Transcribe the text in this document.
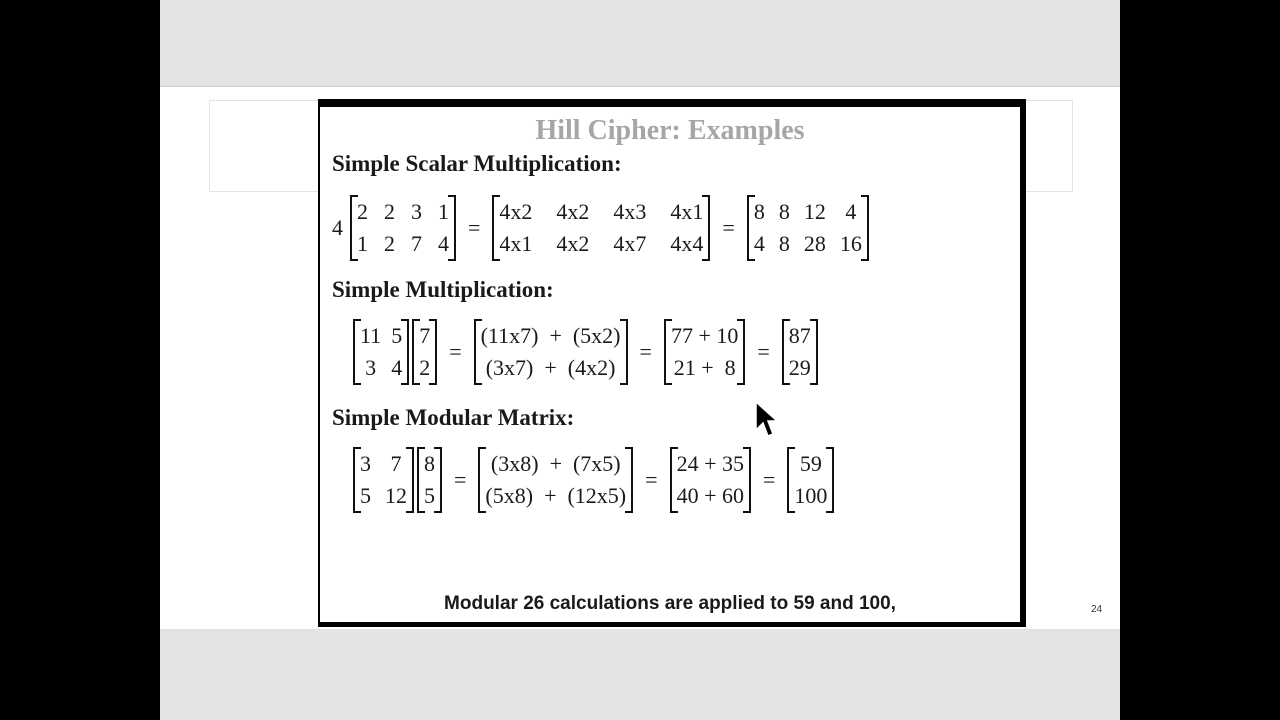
24
Hill Cipher: Examples
Simple Scalar Multiplication:
4
2 2 3 1
1 2 7 4
=
4x2 4x2 4x3 4x1
4x1 4x2 4x7 4x4
=
8 8 12 4
4 8 28 16
Simple Multiplication:
11 5
3 4
7
2
=
(11x7)  +  (5x2)
(3x7)  +  (4x2)
=
77 + 10
21 +  8
=
87
29
Simple Modular Matrix:
3 7
5 12
8
5
=
(3x8)  +  (7x5)
(5x8)  +  (12x5)
=
24 + 35
40 + 60
=
59
100
Modular 26 calculations are applied to 59 and 100,
